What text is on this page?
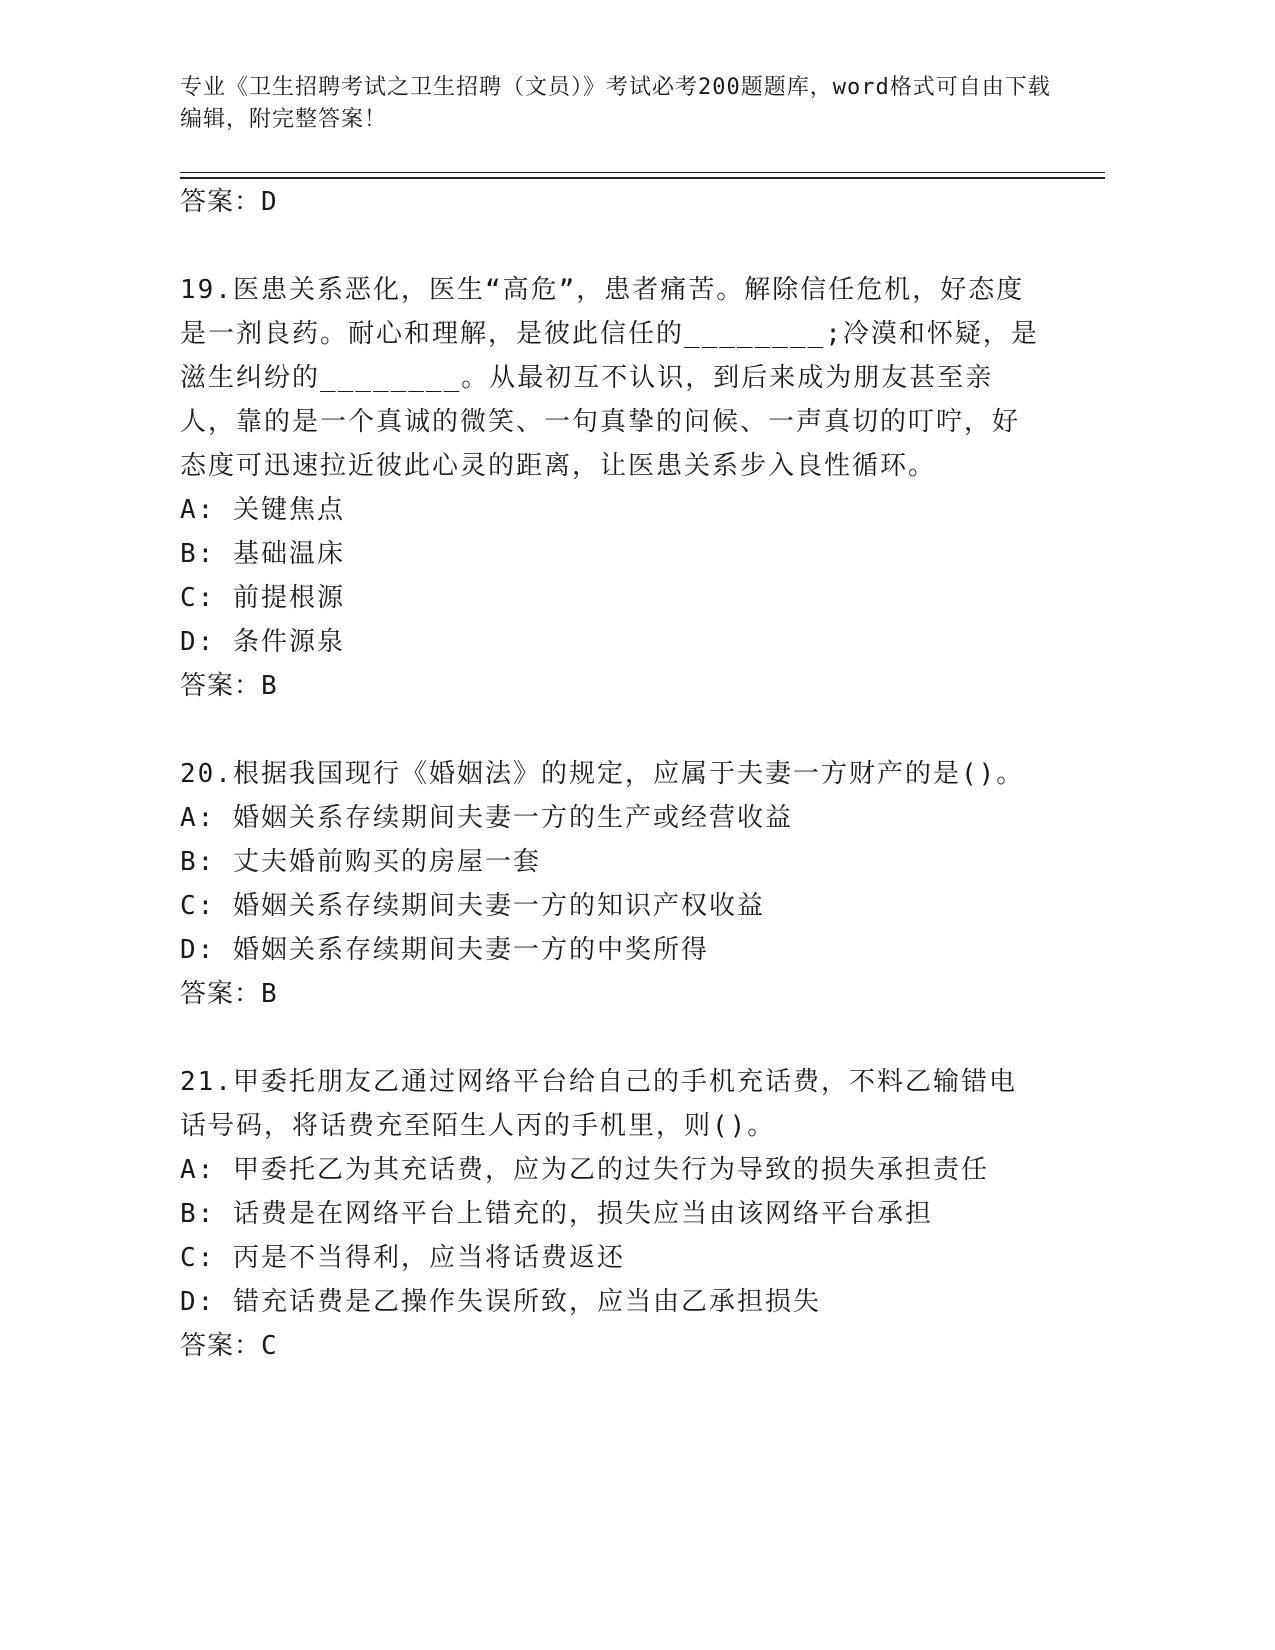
专业《卫生招聘考试之卫生招聘（文员）》考试必考200题题库，word格式可自由下载编辑，附完整答案！
答案：D
19.医患关系恶化，医生“高危”，患者痛苦。解除信任危机，好态度是一剂良药。耐心和理解，是彼此信任的________;冷漠和怀疑，是滋生纠纷的________。从最初互不认识，到后来成为朋友甚至亲人，靠的是一个真诚的微笑、一句真挚的问候、一声真切的叮咛，好态度可迅速拉近彼此心灵的距离，让医患关系步入良性循环。
A: 关键焦点
B: 基础温床
C: 前提根源
D: 条件源泉
答案：B
20.根据我国现行《婚姻法》的规定，应属于夫妻一方财产的是()。
A: 婚姻关系存续期间夫妻一方的生产或经营收益
B: 丈夫婚前购买的房屋一套
C: 婚姻关系存续期间夫妻一方的知识产权收益
D: 婚姻关系存续期间夫妻一方的中奖所得
答案：B
21.甲委托朋友乙通过网络平台给自己的手机充话费，不料乙输错电话号码，将话费充至陌生人丙的手机里，则()。
A: 甲委托乙为其充话费，应为乙的过失行为导致的损失承担责任
B: 话费是在网络平台上错充的，损失应当由该网络平台承担
C: 丙是不当得利，应当将话费返还
D: 错充话费是乙操作失误所致，应当由乙承担损失
答案：C
